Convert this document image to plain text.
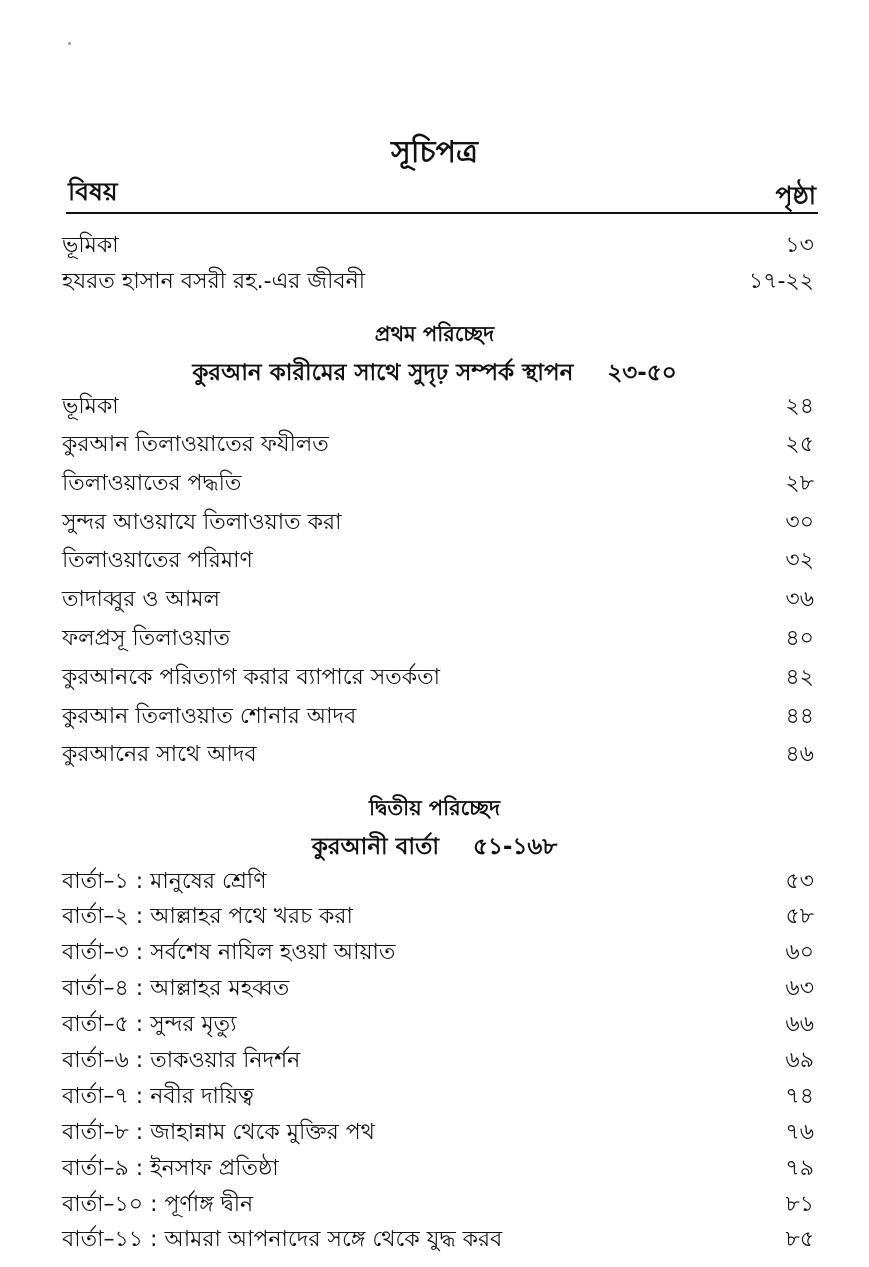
সূচিপত্র
বিষয়	পৃষ্ঠা
ভূমিকা	১৩
হযরত হাসান বসরী রহ.-এর জীবনী	১৭-২২
প্রথম পরিচ্ছেদ
কুরআন কারীমের সাথে সুদৃঢ় সম্পর্ক স্থাপন ২৩-৫০
ভূমিকা	২৪
কুরআন তিলাওয়াতের ফযীলত	২৫
তিলাওয়াতের পদ্ধতি	২৮
সুন্দর আওয়াযে তিলাওয়াত করা	৩০
তিলাওয়াতের পরিমাণ	৩২
তাদাব্বুর ও আমল	৩৬
ফলপ্রসূ তিলাওয়াত	৪০
কুরআনকে পরিত্যাগ করার ব্যাপারে সতর্কতা	৪২
কুরআন তিলাওয়াত শোনার আদব	৪৪
কুরআনের সাথে আদব	৪৬
দ্বিতীয় পরিচ্ছেদ
কুরআনী বার্তা ৫১-১৬৮
বার্তা–১ : মানুষের শ্রেণি	৫৩
বার্তা–২ : আল্লাহর পথে খরচ করা	৫৮
বার্তা–৩ : সর্বশেষ নাযিল হওয়া আয়াত	৬০
বার্তা–৪ : আল্লাহর মহব্বত	৬৩
বার্তা–৫ : সুন্দর মৃত্যু	৬৬
বার্তা–৬ : তাকওয়ার নিদর্শন	৬৯
বার্তা–৭ : নবীর দায়িত্ব	৭৪
বার্তা–৮ : জাহান্নাম থেকে মুক্তির পথ	৭৬
বার্তা–৯ : ইনসাফ প্রতিষ্ঠা	৭৯
বার্তা–১০ : পূর্ণাঙ্গ দ্বীন	৮১
বার্তা–১১ : আমরা আপনাদের সঙ্গে থেকে যুদ্ধ করব	৮৫
